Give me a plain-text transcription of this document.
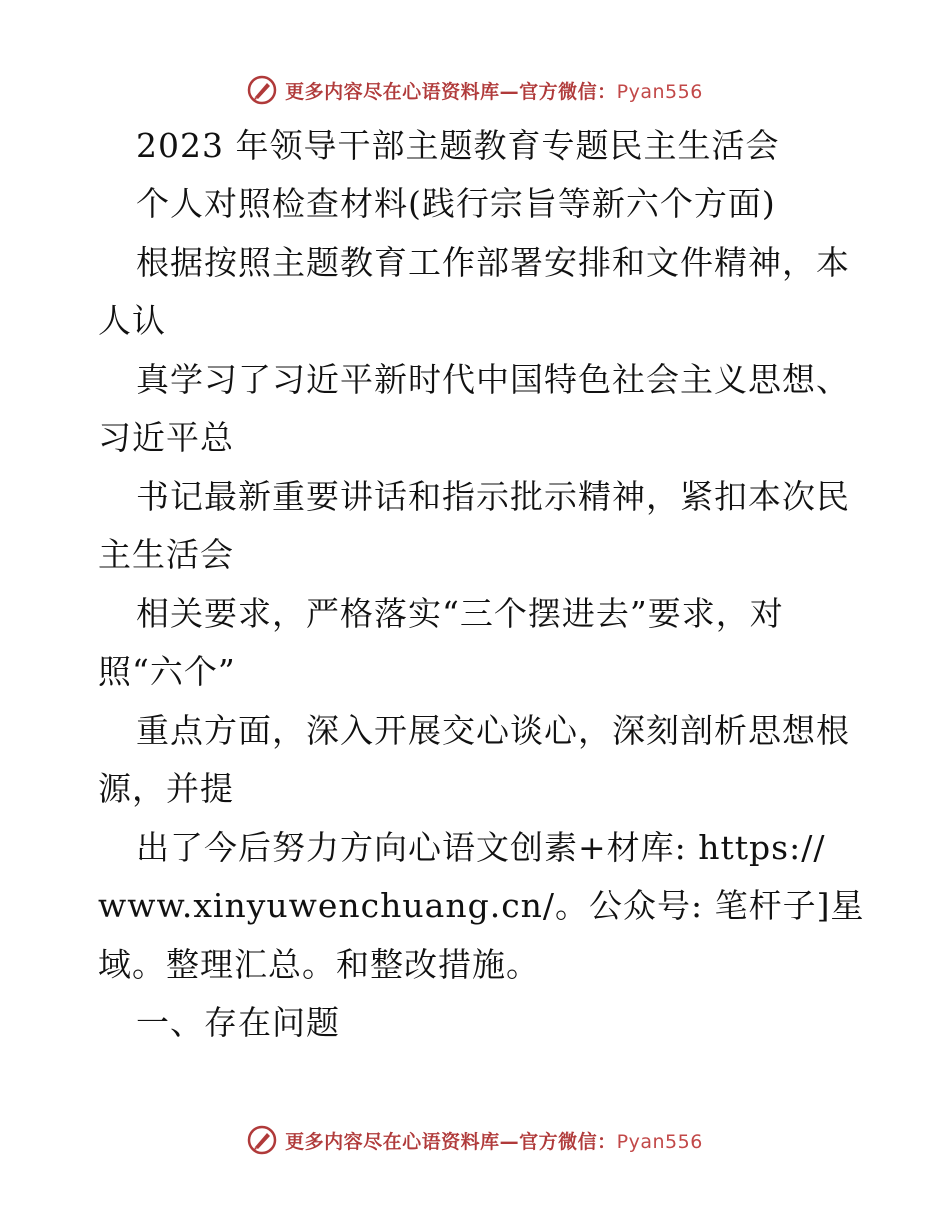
更多内容尽在心语资料库—官方微信：Pyan556
2023 年领导干部主题教育专题民主生活会
个人对照检查材料(践行宗旨等新六个方面)
根据按照主题教育工作部署安排和文件精神，本
人认
真学习了习近平新时代中国特色社会主义思想、
习近平总
书记最新重要讲话和指示批示精神，紧扣本次民
主生活会
相关要求，严格落实“三个摆进去”要求，对
照“六个”
重点方面，深入开展交心谈心，深刻剖析思想根
源，并提
出了今后努力方向心语文创素+材库: https://
www.xinyuwenchuang.cn/。公众号: 笔杆子]星
域。整理汇总。和整改措施。
一、存在问题
更多内容尽在心语资料库—官方微信：Pyan556
